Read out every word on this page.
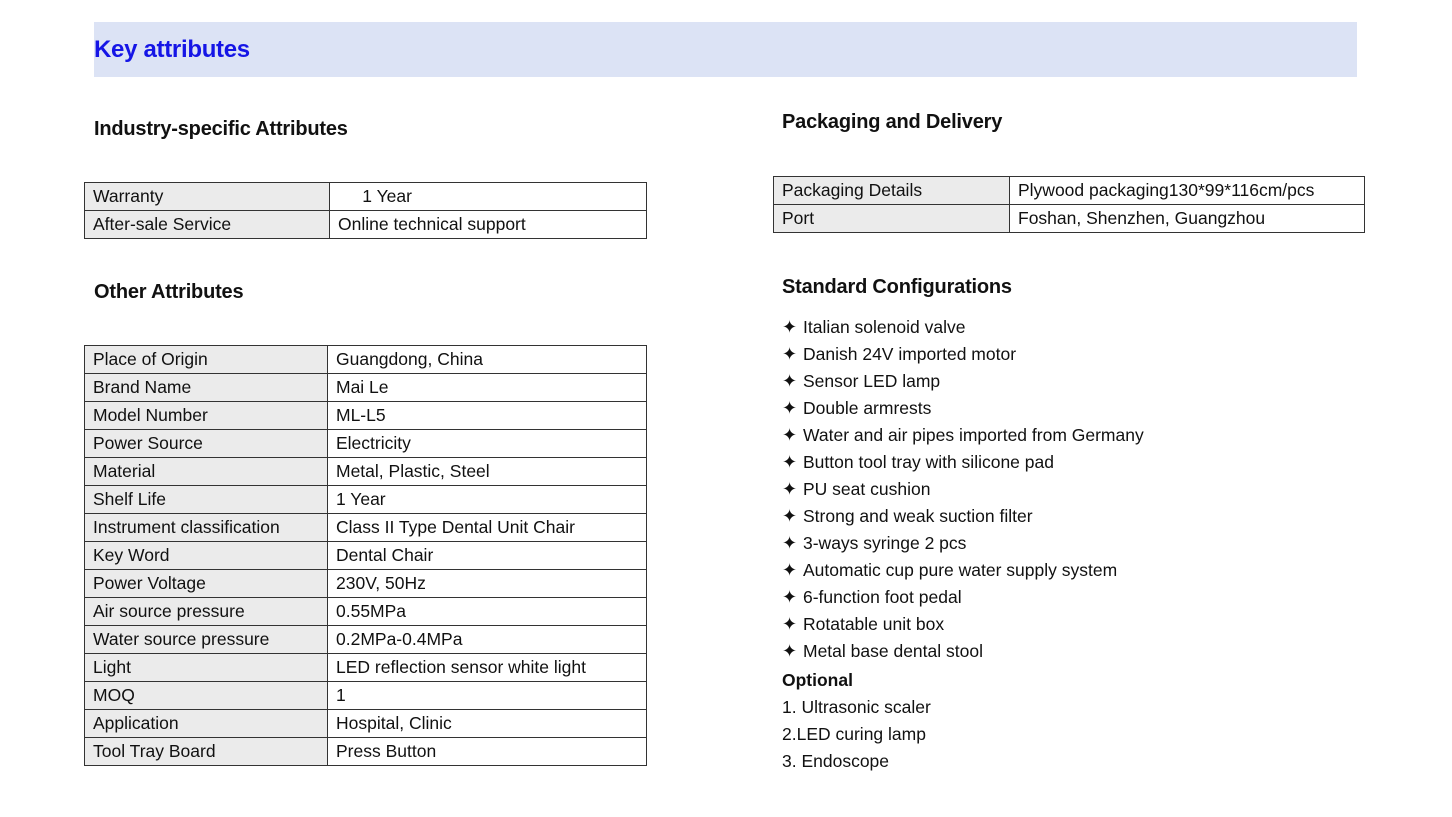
Key attributes
Industry-specific Attributes
Warranty	1 Year
After-sale Service	Online technical support
Other Attributes
Place of Origin	Guangdong, China
Brand Name	Mai Le
Model Number	ML-L5
Power Source	Electricity
Material	Metal, Plastic, Steel
Shelf Life	1 Year
Instrument classification	Class II Type Dental Unit Chair
Key Word	Dental Chair
Power Voltage	230V, 50Hz
Air source pressure	0.55MPa
Water source pressure	0.2MPa-0.4MPa
Light	LED reflection sensor white light
MOQ	1
Application	Hospital, Clinic
Tool Tray Board	Press Button
Packaging and Delivery
Packaging Details	Plywood packaging130*99*116cm/pcs
Port	Foshan, Shenzhen, Guangzhou
Standard Configurations
✦ Italian solenoid valve
✦ Danish 24V imported motor
✦ Sensor LED lamp
✦ Double armrests
✦ Water and air pipes imported from Germany
✦ Button tool tray with silicone pad
✦ PU seat cushion
✦ Strong and weak suction filter
✦ 3-ways syringe 2 pcs
✦ Automatic cup pure water supply system
✦ 6-function foot pedal
✦ Rotatable unit box
✦ Metal base dental stool

Optional

1. Ultrasonic scaler
2.LED curing lamp
3. Endoscope
